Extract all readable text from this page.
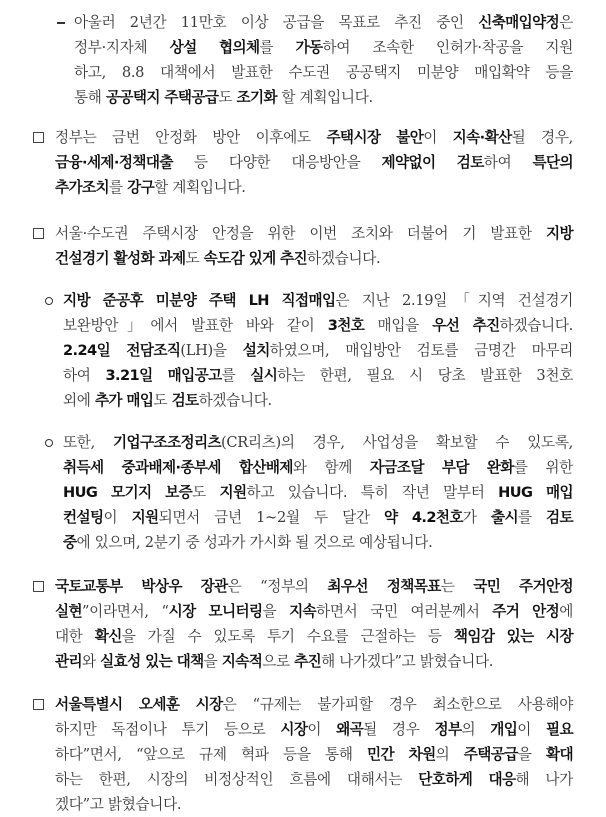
아울러 2년간 11만호 이상 공급을 목표로 추진 중인 신축매입약정은
정부·지자체 상설 협의체를 가동하여 조속한 인허가·착공을 지원
하고, 8.8 대책에서 발표한 수도권 공공택지 미분양 매입확약 등을
통해 공공택지 주택공급도 조기화 할 계획입니다.
정부는 금번 안정화 방안 이후에도 주택시장 불안이 지속·확산될 경우,
금융·세제·정책대출 등 다양한 대응방안을 제약없이 검토하여 특단의
추가조치를 강구할 계획입니다.
서울·수도권 주택시장 안정을 위한 이번 조치와 더불어 기 발표한 지방
건설경기 활성화 과제도 속도감 있게 추진하겠습니다.
지방 준공후 미분양 주택 LH 직접매입은 지난 2.19일「지역 건설경기
보완방안」에서 발표한 바와 같이 3천호 매입을 우선 추진하겠습니다.
2.24일 전담조직(LH)을 설치하였으며, 매입방안 검토를 금명간 마무리
하여 3.21일 매입공고를 실시하는 한편, 필요 시 당초 발표한 3천호
외에 추가 매입도 검토하겠습니다.
또한, 기업구조조정리츠(CR리츠)의 경우, 사업성을 확보할 수 있도록,
취득세 중과배제·종부세 합산배제와 함께 자금조달 부담 완화를 위한
HUG 모기지 보증도 지원하고 있습니다. 특히 작년 말부터 HUG 매입
컨설팅이 지원되면서 금년 1~2월 두 달간 약 4.2천호가 출시를 검토
중에 있으며, 2분기 중 성과가 가시화 될 것으로 예상됩니다.
국토교통부 박상우 장관은 “정부의 최우선 정책목표는 국민 주거안정
실현”이라면서, “시장 모니터링을 지속하면서 국민 여러분께서 주거 안정에
대한 확신을 가질 수 있도록 투기 수요를 근절하는 등 책임감 있는 시장
관리와 실효성 있는 대책을 지속적으로 추진해 나가겠다”고 밝혔습니다.
서울특별시 오세훈 시장은 “규제는 불가피할 경우 최소한으로 사용해야
하지만 독점이나 투기 등으로 시장이 왜곡될 경우 정부의 개입이 필요
하다”면서, “앞으로 규제 혁파 등을 통해 민간 차원의 주택공급을 확대
하는 한편, 시장의 비정상적인 흐름에 대해서는 단호하게 대응해 나가
겠다”고 밝혔습니다.
